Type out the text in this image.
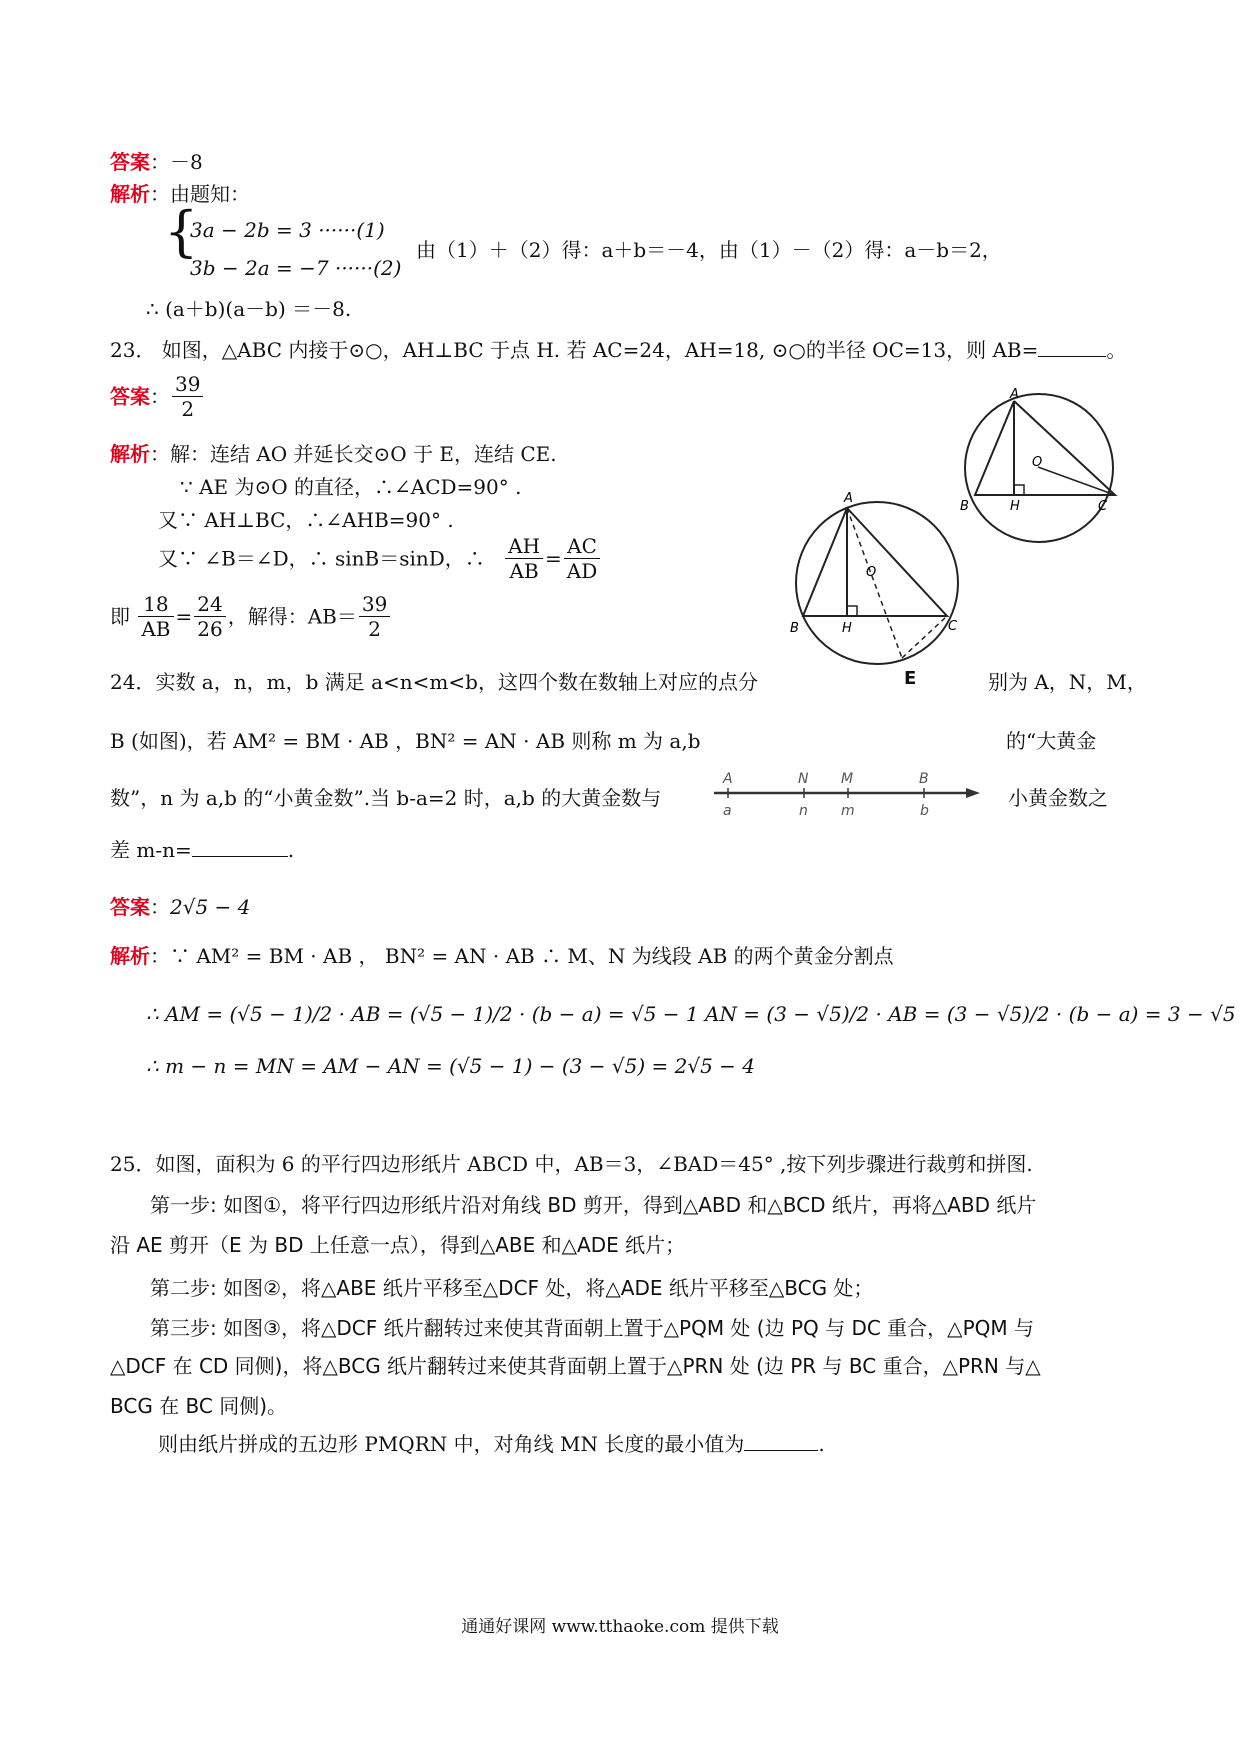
答案：－8
解析：由题知：
{
3a − 2b = 3 ······(1)
3b − 2a = −7 ······(2)
由（1）＋（2）得：a＋b＝－4，由（1）－（2）得：a－b＝2，
∴ (a＋b)(a－b) ＝－8.
23． 如图，△ABC 内接于⊙○，AH⊥BC 于点 H. 若 AC=24，AH=18, ⊙○的半径 OC=13，则 AB=	。
答案： $\frac{39}{2}$
解析：解：连结 AO 并延长交⊙O 于 E，连结 CE.
∵ AE 为⊙O 的直径，∴∠ACD=90° .
又∵ AH⊥BC，∴∠AHB=90° .
又∵ ∠B＝∠D，∴ sinB＝sinD，∴ $\frac{AH}{AB} = \frac{AC}{AD}$
即 $\frac{18}{AB} = \frac{24}{26}$ ，解得：$AB= \frac{39}{2}$
A
O
B	H	C
A
O
B	H	C
E
24．实数 a，n，m，b 满足 a<n<m<b，这四个数在数轴上对应的点分	别为 A，N，M，
B (如图)，若 AM² = BM · AB ，BN² = AN · AB 则称 m 为 a,b	的“大黄金
数”，n 为 a,b 的“小黄金数”.当 b-a=2 时，a,b 的大黄金数与	小黄金数之
差 m-n=	.
A	N M	B
a	n m	b
答案：2√5 − 4
解析：∵ AM² = BM · AB ， BN² = AN · AB ∴ M、N 为线段 AB 的两个黄金分割点
∴ AM = (√5 − 1)/2 · AB = (√5 − 1)/2 · (b − a) = √5 − 1 AN = (3 − √5)/2 · AB = (3 − √5)/2 · (b − a) = 3 − √5
∴ m − n = MN = AM − AN = (√5 − 1) − (3 − √5) = 2√5 − 4
25．如图，面积为 6 的平行四边形纸片 ABCD 中，AB＝3，∠BAD＝45° ,按下列步骤进行裁剪和拼图.
第一步: 如图①，将平行四边形纸片沿对角线 BD 剪开，得到△ABD 和△BCD 纸片，再将△ABD 纸片
沿 AE 剪开（E 为 BD 上任意一点），得到△ABE 和△ADE 纸片；
第二步: 如图②，将△ABE 纸片平移至△DCF 处，将△ADE 纸片平移至△BCG 处；
第三步: 如图③，将△DCF 纸片翻转过来使其背面朝上置于△PQM 处 (边 PQ 与 DC 重合，△PQM 与
△DCF 在 CD 同侧)，将△BCG 纸片翻转过来使其背面朝上置于△PRN 处 (边 PR 与 BC 重合，△PRN 与△
BCG 在 BC 同侧)。
则由纸片拼成的五边形 PMQRN 中，对角线 MN 长度的最小值为	.
通通好课网 www.tthaoke.com 提供下载
